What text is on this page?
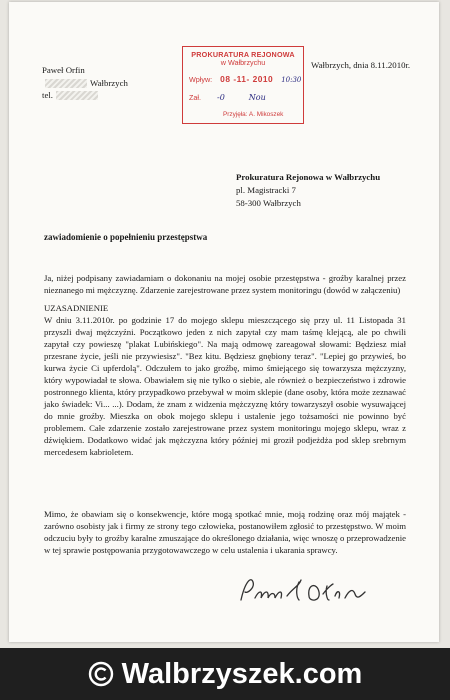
Paweł Orfin
Wałbrzych
tel.
Wałbrzych, dnia 8.11.2010r.
PROKURATURA REJONOWA
w Wałbrzychu
Wpływ: 08 -11- 2010 10:30
Zał. -0	Nou
Przyjęła: A. Mikoszek
Prokuratura Rejonowa w Wałbrzychu
pl. Magistracki 7
58-300 Wałbrzych
zawiadomienie o popełnieniu przestępstwa
Ja, niżej podpisany zawiadamiam o dokonaniu na mojej osobie przestępstwa - groźby karalnej przez nieznanego mi mężczyznę. Zdarzenie zarejestrowane przez system monitoringu (dowód w załączeniu)
UZASADNIENIE
W dniu 3.11.2010r. po godzinie 17 do mojego sklepu mieszczącego się przy ul. 11 Listopada 31 przyszli dwaj mężczyźni. Początkowo jeden z nich zapytał czy mam taśmę klejącą, ale po chwili zapytał czy powieszę "plakat Lubińskiego". Na mają odmowę zareagował słowami: Będziesz miał przesrane życie, jeśli nie przywiesisz". "Bez kitu. Będziesz gnębiony teraz". "Lepiej go przywieś, bo kurwa życie Ci upferdolą". Odczułem to jako groźbę, mimo śmiejącego się towarzysza mężczyzny, który wypowiadał te słowa. Obawiałem się nie tylko o siebie, ale również o bezpieczeństwo i zdrowie postronnego klienta, który przypadkowo przebywał w moim sklepie (dane osoby, która może zeznawać jako świadek: Vi... ...). Dodam, że znam z widzenia mężczyznę który towarzyszył osobie wysuwającej do mnie groźby. Mieszka on obok mojego sklepu i ustalenie jego tożsamości nie powinno być problemem. Całe zdarzenie zostało zarejestrowane przez system monitoringu mojego sklepu, wraz z dźwiękiem. Dodatkowo widać jak mężczyzna który później mi groził podjeżdża pod sklep srebrnym mercedesem kabrioletem.
Mimo, że obawiam się o konsekwencje, które mogą spotkać mnie, moją rodzinę oraz mój majątek - zarówno osobisty jak i firmy ze strony tego człowieka, postanowiłem zgłosić to przestępstwo. W moim odczuciu były to groźby karalne zmuszające do określonego działania, więc wnoszę o przeprowadzenie w tej sprawie postępowania przygotowawczego w celu ustalenia i ukarania sprawcy.
Walbrzyszek.com
